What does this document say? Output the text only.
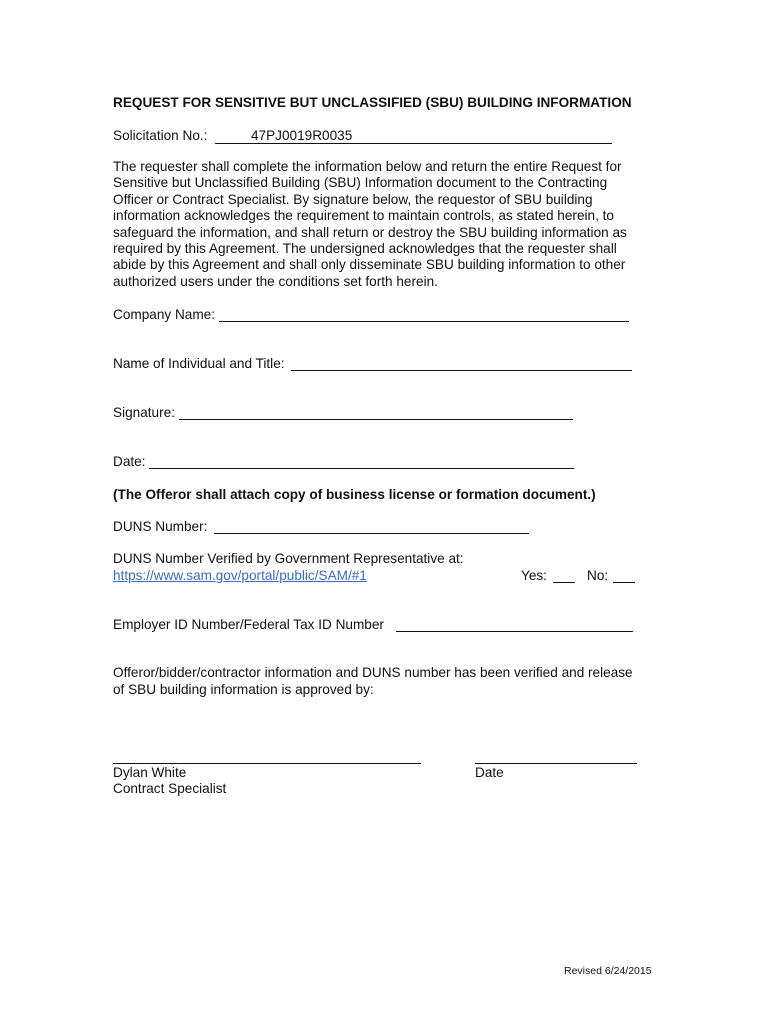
REQUEST FOR SENSITIVE BUT UNCLASSIFIED (SBU) BUILDING INFORMATION
Solicitation No.:	47PJ0019R0035
The requester shall complete the information below and return the entire Request for
Sensitive but Unclassified Building (SBU) Information document to the Contracting
Officer or Contract Specialist. By signature below, the requestor of SBU building
information acknowledges the requirement to maintain controls, as stated herein, to
safeguard the information, and shall return or destroy the SBU building information as
required by this Agreement. The undersigned acknowledges that the requester shall
abide by this Agreement and shall only disseminate SBU building information to other
authorized users under the conditions set forth herein.
Company Name:
Name of Individual and Title:
Signature:
Date:
(The Offeror shall attach copy of business license or formation document.)
DUNS Number:
DUNS Number Verified by Government Representative at:
https://www.sam.gov/portal/public/SAM/#1	Yes:	No:
Employer ID Number/Federal Tax ID Number
Offeror/bidder/contractor information and DUNS number has been verified and release
of SBU building information is approved by:
Dylan White	Date
Contract Specialist
Revised 6/24/2015
